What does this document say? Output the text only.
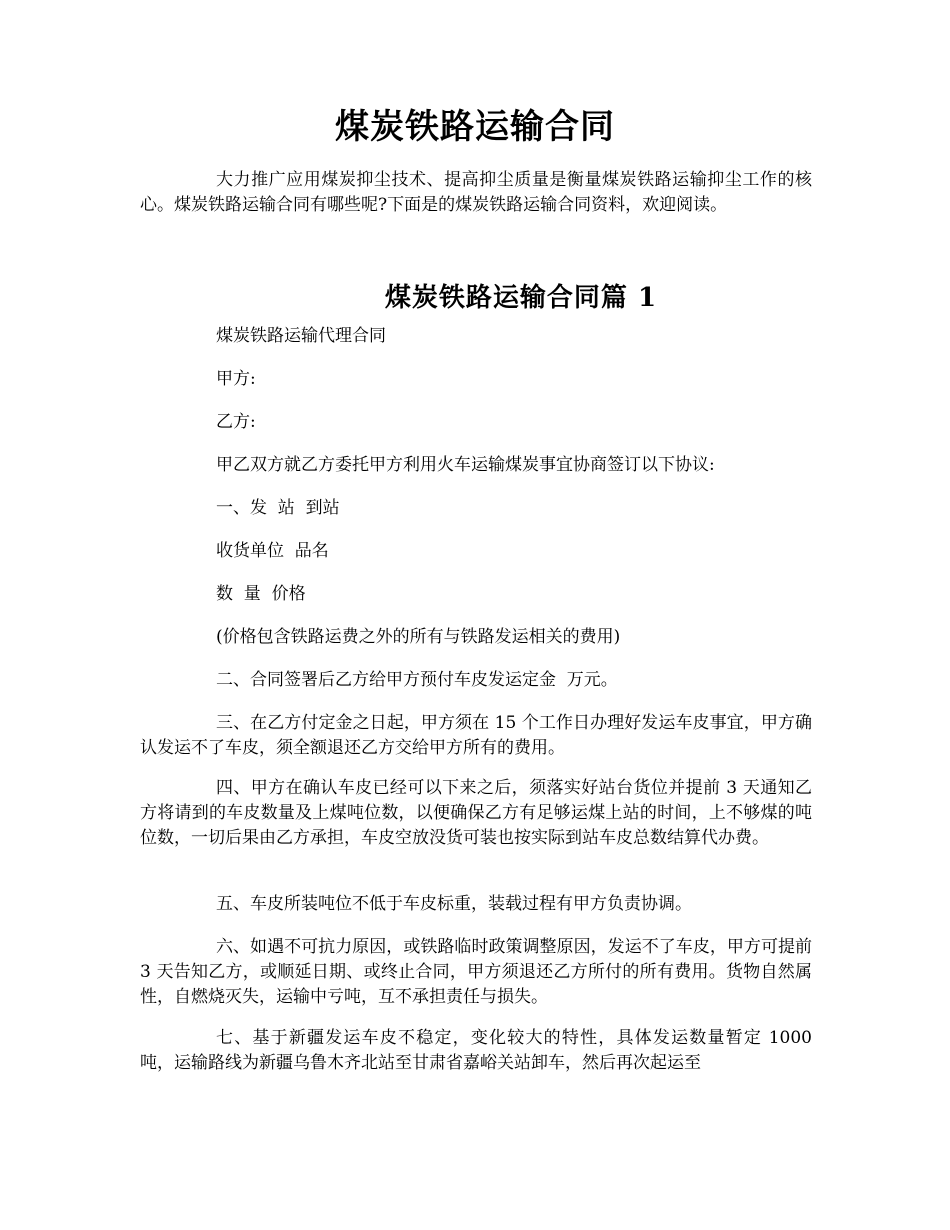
煤炭铁路运输合同

大力推广应用煤炭抑尘技术、提高抑尘质量是衡量煤炭铁路运输抑尘工作的核心。煤炭铁路运输合同有哪些呢?下面是的煤炭铁路运输合同资料，欢迎阅读。

煤炭铁路运输合同篇 1

煤炭铁路运输代理合同

甲方:

乙方:

甲乙双方就乙方委托甲方利用火车运输煤炭事宜协商签订以下协议:

一、发  站  到站

收货单位  品名

数  量  价格

(价格包含铁路运费之外的所有与铁路发运相关的费用)

二、合同签署后乙方给甲方预付车皮发运定金  万元。

三、在乙方付定金之日起，甲方须在 15 个工作日办理好发运车皮事宜，甲方确认发运不了车皮，须全额退还乙方交给甲方所有的费用。

四、甲方在确认车皮已经可以下来之后，须落实好站台货位并提前 3 天通知乙方将请到的车皮数量及上煤吨位数，以便确保乙方有足够运煤上站的时间，上不够煤的吨位数，一切后果由乙方承担，车皮空放没货可装也按实际到站车皮总数结算代办费。

五、车皮所装吨位不低于车皮标重，装载过程有甲方负责协调。

六、如遇不可抗力原因，或铁路临时政策调整原因，发运不了车皮，甲方可提前 3 天告知乙方，或顺延日期、或终止合同，甲方须退还乙方所付的所有费用。货物自然属性，自燃烧灭失，运输中亏吨，互不承担责任与损失。

七、基于新疆发运车皮不稳定，变化较大的特性，具体发运数量暂定 1000 吨，运输路线为新疆乌鲁木齐北站至甘肃省嘉峪关站卸车，然后再次起运至
